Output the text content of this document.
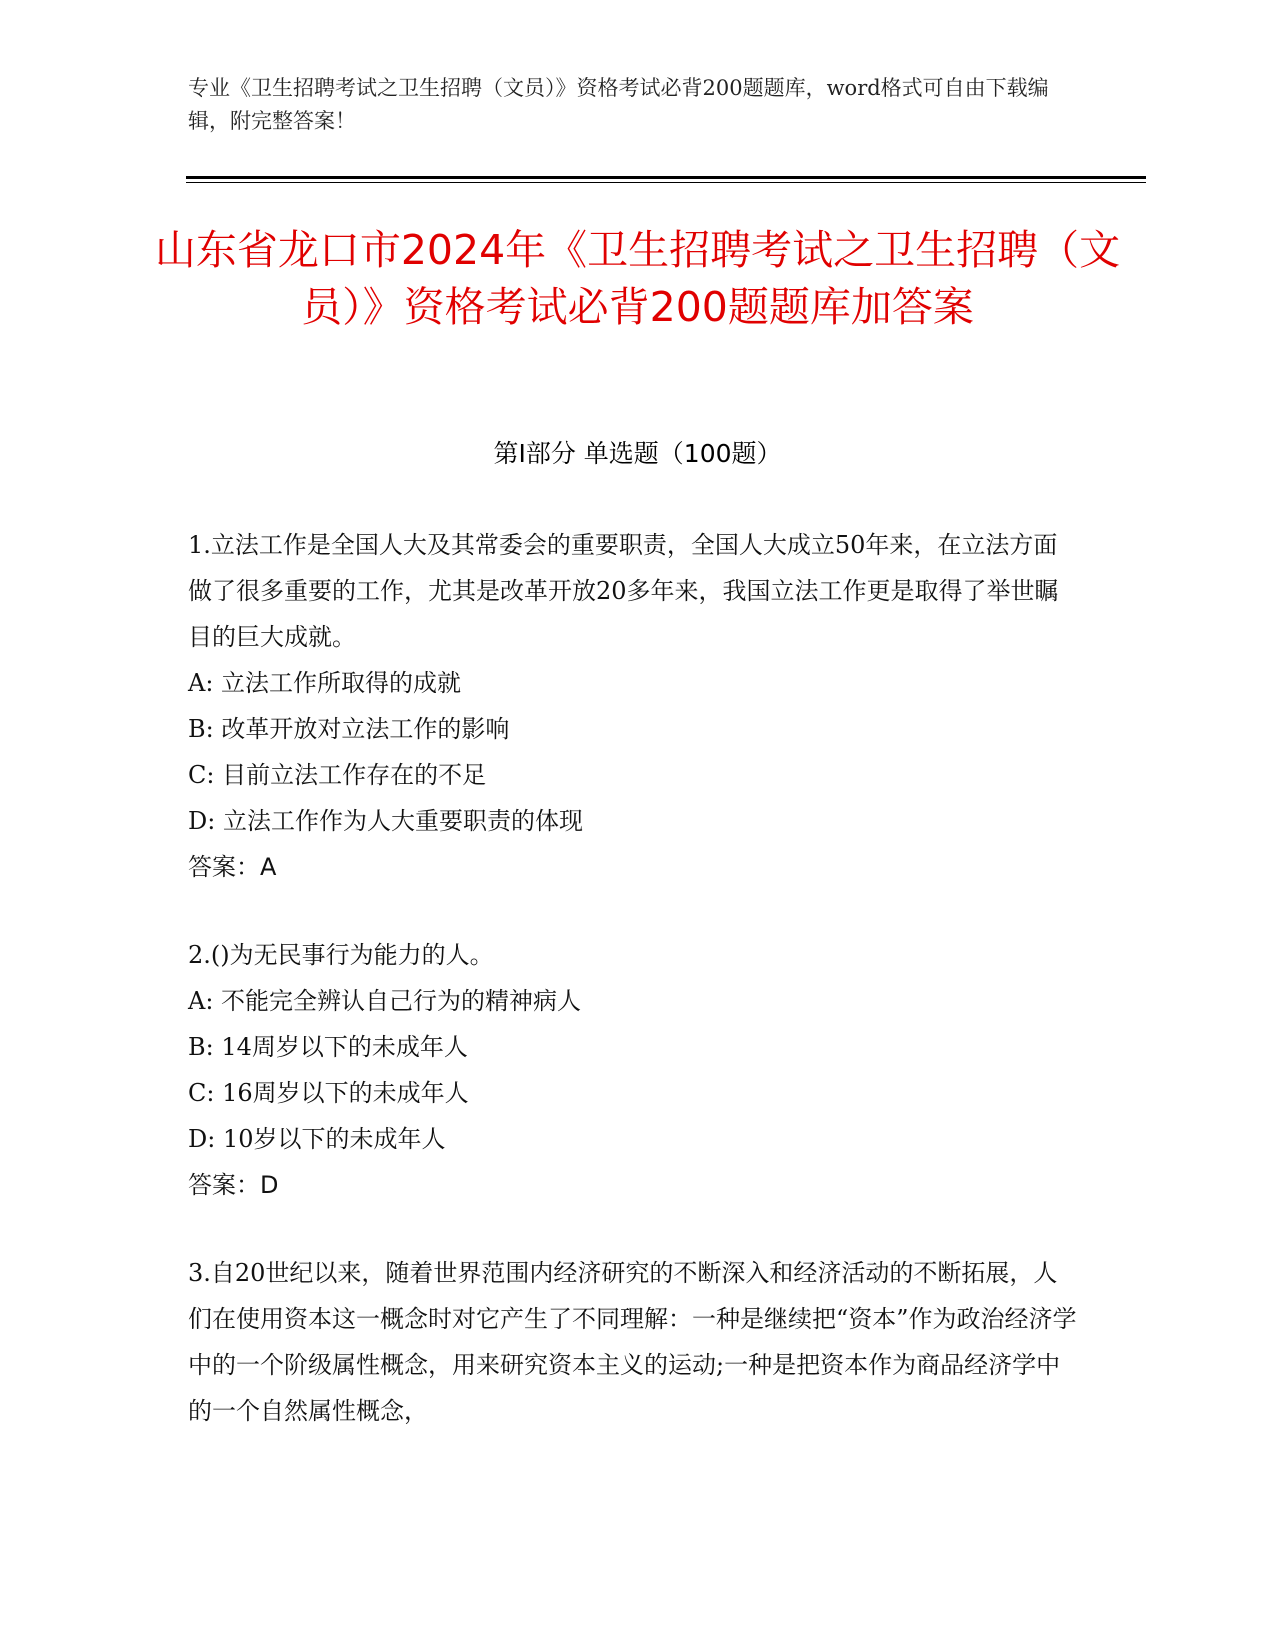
专业《卫生招聘考试之卫生招聘（文员）》资格考试必背200题题库，word格式可自由下载编辑，附完整答案！
山东省龙口市2024年《卫生招聘考试之卫生招聘（文员）》资格考试必背200题题库加答案
第Ⅰ部分 单选题（100题）

1.立法工作是全国人大及其常委会的重要职责，全国人大成立50年来，在立法方面做了很多重要的工作，尤其是改革开放20多年来，我国立法工作更是取得了举世瞩目的巨大成就。

A: 立法工作所取得的成就
B: 改革开放对立法工作的影响
C: 目前立法工作存在的不足
D: 立法工作作为人大重要职责的体现

答案：A

2.()为无民事行为能力的人。

A: 不能完全辨认自己行为的精神病人
B: 14周岁以下的未成年人
C: 16周岁以下的未成年人
D: 10岁以下的未成年人

答案：D

3.自20世纪以来，随着世界范围内经济研究的不断深入和经济活动的不断拓展，人们在使用资本这一概念时对它产生了不同理解：一种是继续把“资本”作为政治经济学中的一个阶级属性概念，用来研究资本主义的运动;一种是把资本作为商品经济学中的一个自然属性概念，
